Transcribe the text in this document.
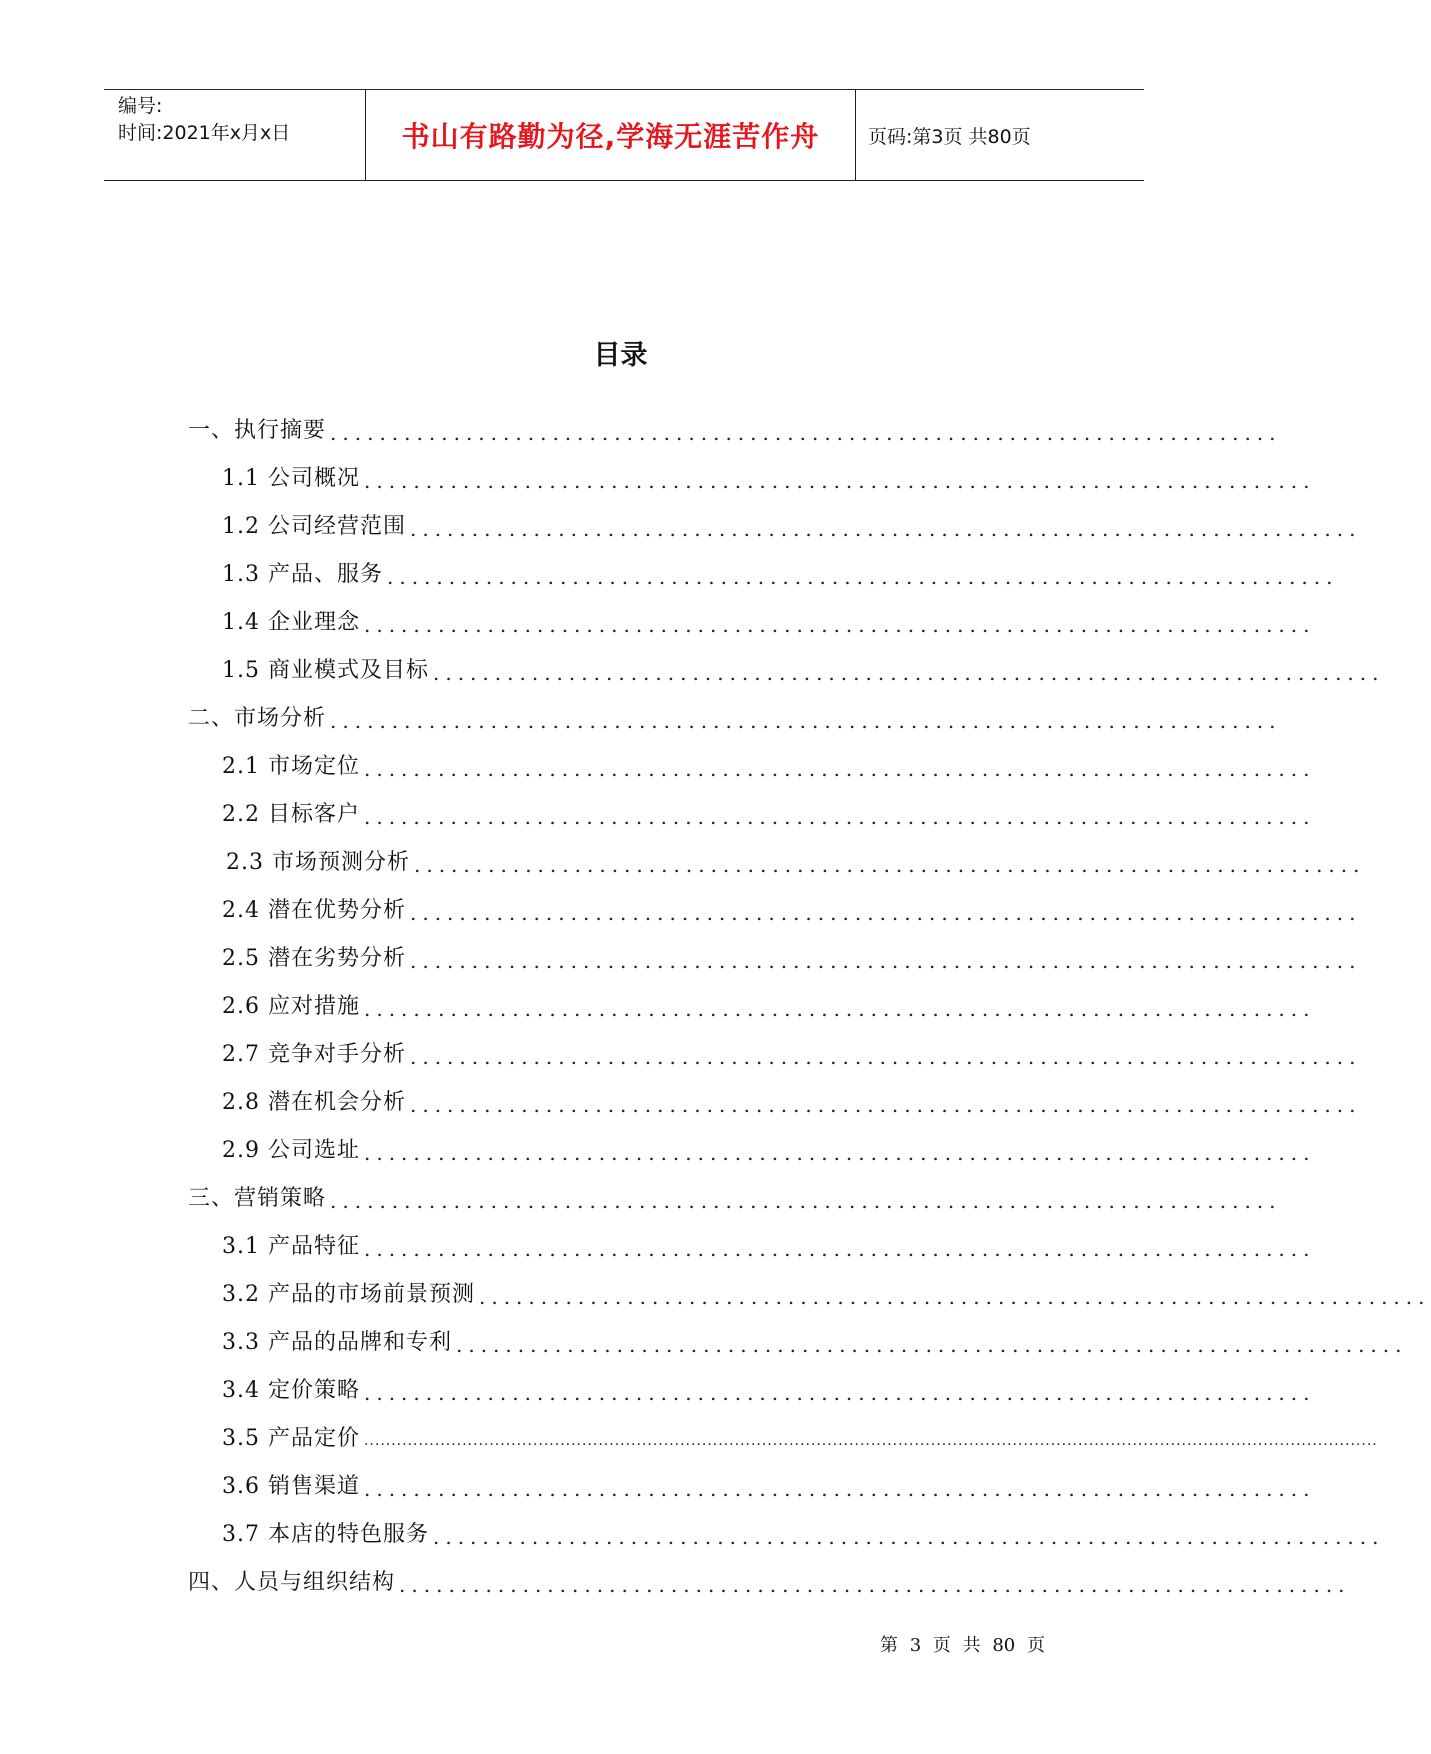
编号:
时间:2021年x月x日	书山有路勤为径,学海无涯苦作舟	页码:第3页 共80页
目录
一、执行摘要 .............................................................................
1.1 公司概况 .............................................................................
1.2 公司经营范围 .............................................................................
1.3 产品、服务 .............................................................................
1.4 企业理念 .............................................................................
1.5 商业模式及目标 .............................................................................
二、市场分析 .............................................................................
2.1 市场定位 .............................................................................
2.2 目标客户 .............................................................................
2.3 市场预测分析 .............................................................................
2.4 潜在优势分析 .............................................................................
2.5 潜在劣势分析 .............................................................................
2.6 应对措施 .............................................................................
2.7 竞争对手分析 .............................................................................
2.8 潜在机会分析 .............................................................................
2.9 公司选址 .............................................................................
三、营销策略 .............................................................................
3.1 产品特征 .............................................................................
3.2 产品的市场前景预测 .............................................................................
3.3 产品的品牌和专利 .............................................................................
3.4 定价策略 .............................................................................
3.5 产品定价 ..........................................................................................................................................................................................
3.6 销售渠道 .............................................................................
3.7 本店的特色服务 .............................................................................
四、人员与组织结构 .............................................................................
第 3 页 共 80 页
